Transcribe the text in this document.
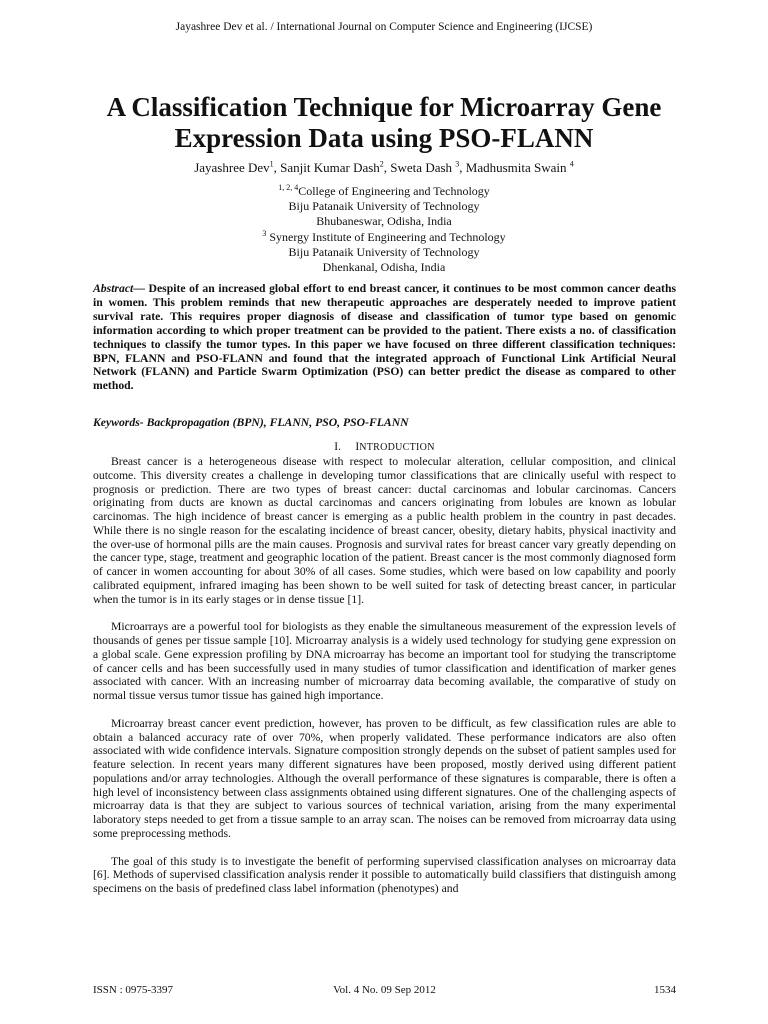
Jayashree Dev et al. / International Journal on Computer Science and Engineering (IJCSE)
A Classification Technique for Microarray Gene Expression Data using PSO-FLANN
Jayashree Dev$^1$, Sanjit Kumar Dash$^2$, Sweta Dash $^3$, Madhusmita Swain $^4$
$^{1, 2, 4}$College of Engineering and Technology
Biju Patanaik University of Technology
Bhubaneswar, Odisha, India
$^3$ Synergy Institute of Engineering and Technology
Biju Patanaik University of Technology
Dhenkanal, Odisha, India

Abstract— Despite of an increased global effort to end breast cancer, it continues to be most common cancer deaths in women. This problem reminds that new therapeutic approaches are desperately needed to improve patient survival rate. This requires proper diagnosis of disease and classification of tumor type based on genomic information according to which proper treatment can be provided to the patient. There exists a no. of classification techniques to classify the tumor types. In this paper we have focused on three different classification techniques: BPN, FLANN and PSO-FLANN and found that the integrated approach of Functional Link Artificial Neural Network (FLANN) and Particle Swarm Optimization (PSO) can better predict the disease as compared to other method.

Keywords- Backpropagation (BPN), FLANN, PSO, PSO-FLANN

I. INTRODUCTION

Breast cancer is a heterogeneous disease with respect to molecular alteration, cellular composition, and clinical outcome. This diversity creates a challenge in developing tumor classifications that are clinically useful with respect to prognosis or prediction. There are two types of breast cancer: ductal carcinomas and lobular carcinomas. Cancers originating from ducts are known as ductal carcinomas and cancers originating from lobules are known as lobular carcinomas. The high incidence of breast cancer is emerging as a public health problem in the country in past decades. While there is no single reason for the escalating incidence of breast cancer, obesity, dietary habits, physical inactivity and the over-use of hormonal pills are the main causes. Prognosis and survival rates for breast cancer vary greatly depending on the cancer type, stage, treatment and geographic location of the patient. Breast cancer is the most commonly diagnosed form of cancer in women accounting for about 30% of all cases. Some studies, which were based on low capability and poorly calibrated equipment, infrared imaging has been shown to be well suited for task of detecting breast cancer, in particular when the tumor is in its early stages or in dense tissue [1].

Microarrays are a powerful tool for biologists as they enable the simultaneous measurement of the expression levels of thousands of genes per tissue sample [10]. Microarray analysis is a widely used technology for studying gene expression on a global scale. Gene expression profiling by DNA microarray has become an important tool for studying the transcriptome of cancer cells and has been successfully used in many studies of tumor classification and identification of marker genes associated with cancer. With an increasing number of microarray data becoming available, the comparative of study on normal tissue versus tumor tissue has gained high importance.

Microarray breast cancer event prediction, however, has proven to be difficult, as few classification rules are able to obtain a balanced accuracy rate of over 70%, when properly validated. These performance indicators are also often associated with wide confidence intervals. Signature composition strongly depends on the subset of patient samples used for feature selection. In recent years many different signatures have been proposed, mostly derived using different patient populations and/or array technologies. Although the overall performance of these signatures is comparable, there is often a high level of inconsistency between class assignments obtained using different signatures. One of the challenging aspects of microarray data is that they are subject to various sources of technical variation, arising from the many experimental laboratory steps needed to get from a tissue sample to an array scan. The noises can be removed from microarray data using some preprocessing methods.

The goal of this study is to investigate the benefit of performing supervised classification analyses on microarray data [6]. Methods of supervised classification analysis render it possible to automatically build classifiers that distinguish among specimens on the basis of predefined class label information (phenotypes) and

ISSN : 0975-3397	Vol. 4 No. 09 Sep 2012	1534
